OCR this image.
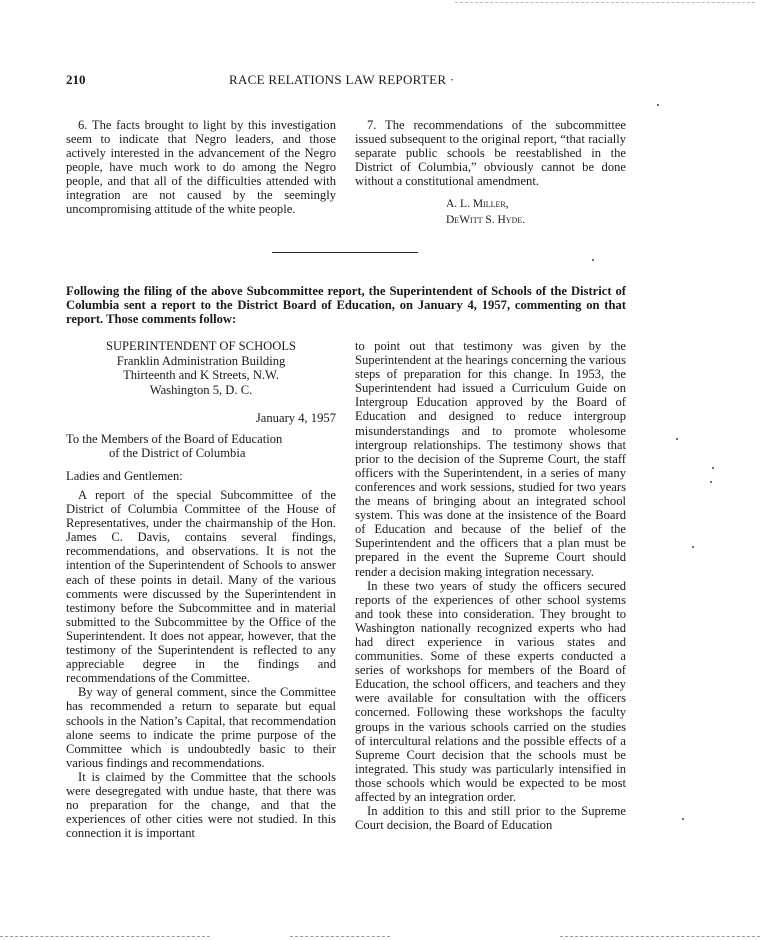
210	RACE RELATIONS LAW REPORTER ·

6. The facts brought to light by this investigation seem to indicate that Negro leaders, and those actively interested in the advancement of the Negro people, have much work to do among the Negro people, and that all of the difficulties attended with integration are not caused by the seemingly uncompromising attitude of the white people.

7. The recommendations of the subcommittee issued subsequent to the original report, “that racially separate public schools be reestablished in the District of Columbia,” obviously cannot be done without a constitutional amendment.

A. L. Miller,
DeWitt S. Hyde.
Following the filing of the above Subcommittee report, the Superintendent of Schools of the District of Columbia sent a report to the District Board of Education, on January 4, 1957, commenting on that report. Those comments follow:
SUPERINTENDENT OF SCHOOLS
Franklin Administration Building
Thirteenth and K Streets, N.W.
Washington 5, D. C.
January 4, 1957
To the Members of the Board of Education
of the District of Columbia
Ladies and Gentlemen:

A report of the special Subcommittee of the District of Columbia Committee of the House of Representatives, under the chairmanship of the Hon. James C. Davis, contains several findings, recommendations, and observations. It is not the intention of the Superintendent of Schools to answer each of these points in detail. Many of the various comments were discussed by the Superintendent in testimony before the Subcommittee and in material submitted to the Subcommittee by the Office of the Superintendent. It does not appear, however, that the testimony of the Superintendent is reflected to any appreciable degree in the findings and recommendations of the Committee.

By way of general comment, since the Committee has recommended a return to separate but equal schools in the Nation’s Capital, that recommendation alone seems to indicate the prime purpose of the Committee which is undoubtedly basic to their various findings and recommendations.

It is claimed by the Committee that the schools were desegregated with undue haste, that there was no preparation for the change, and that the experiences of other cities were not studied. In this connection it is important

to point out that testimony was given by the Superintendent at the hearings concerning the various steps of preparation for this change. In 1953, the Superintendent had issued a Curriculum Guide on Intergroup Education approved by the Board of Education and designed to reduce intergroup misunderstandings and to promote wholesome intergroup relationships. The testimony shows that prior to the decision of the Supreme Court, the staff officers with the Superintendent, in a series of many conferences and work sessions, studied for two years the means of bringing about an integrated school system. This was done at the insistence of the Board of Education and because of the belief of the Superintendent and the officers that a plan must be prepared in the event the Supreme Court should render a decision making integration necessary.

In these two years of study the officers secured reports of the experiences of other school systems and took these into consideration. They brought to Washington nationally recognized experts who had had direct experience in various states and communities. Some of these experts conducted a series of workshops for members of the Board of Education, the school officers, and teachers and they were available for consultation with the officers concerned. Following these workshops the faculty groups in the various schools carried on the studies of intercultural relations and the possible effects of a Supreme Court decision that the schools must be integrated. This study was particularly intensified in those schools which would be expected to be most affected by an integration order.

In addition to this and still prior to the Supreme Court decision, the Board of Education
